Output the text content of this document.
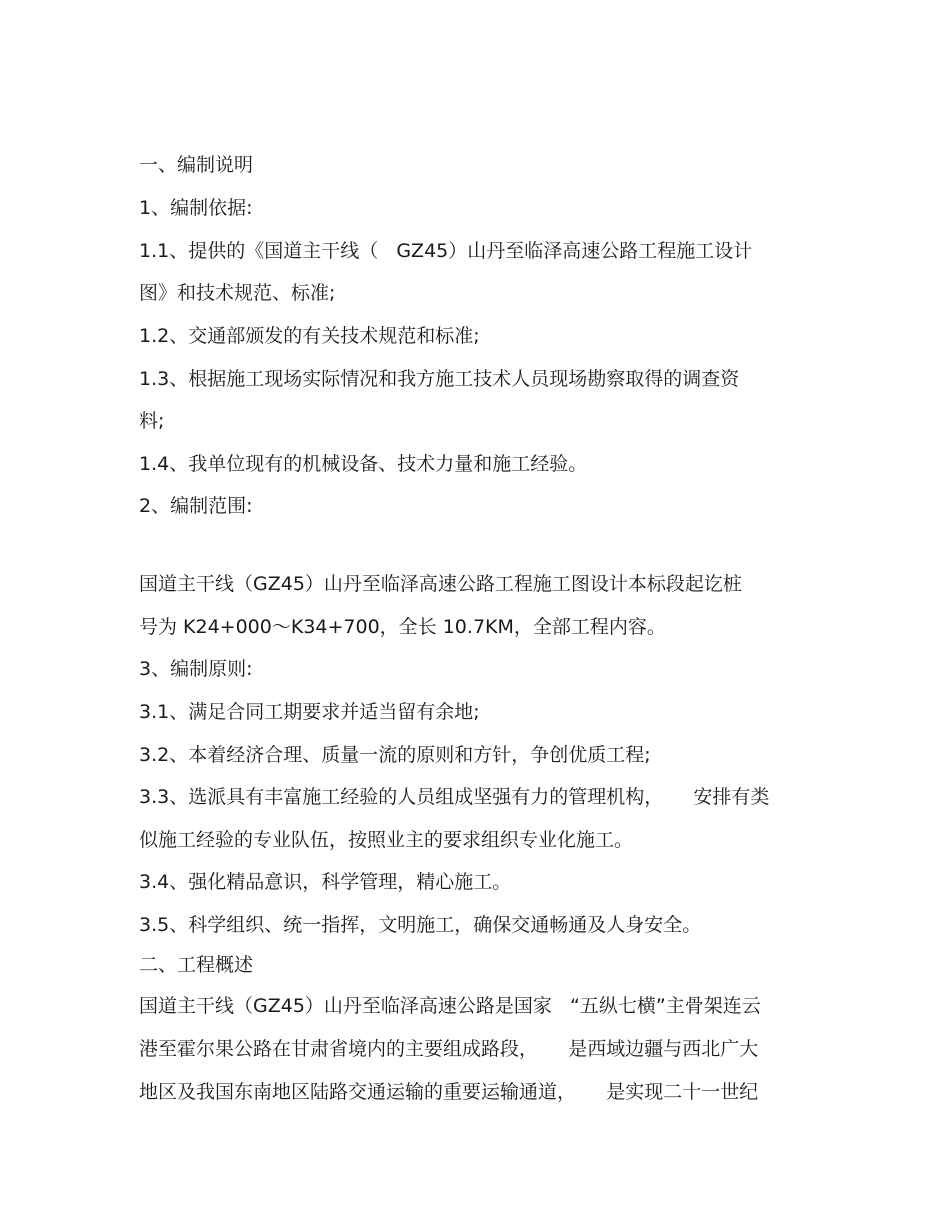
一、编制说明
1、编制依据:
1.1、提供的《国道主干线（   GZ45）山丹至临泽高速公路工程施工设计
图》和技术规范、标准;
1.2、交通部颁发的有关技术规范和标准;
1.3、根据施工现场实际情况和我方施工技术人员现场勘察取得的调查资
料;
1.4、我单位现有的机械设备、技术力量和施工经验。
2、编制范围:
国道主干线（GZ45）山丹至临泽高速公路工程施工图设计本标段起讫桩
号为 K24+000～K34+700，全长 10.7KM，全部工程内容。
3、编制原则:
3.1、满足合同工期要求并适当留有余地;
3.2、本着经济合理、质量一流的原则和方针，争创优质工程;
3.3、选派具有丰富施工经验的人员组成坚强有力的管理机构，     安排有类
似施工经验的专业队伍，按照业主的要求组织专业化施工。
3.4、强化精品意识，科学管理，精心施工。
3.5、科学组织、统一指挥，文明施工，确保交通畅通及人身安全。
二、工程概述
国道主干线（GZ45）山丹至临泽高速公路是国家   “五纵七横”主骨架连云
港至霍尔果公路在甘肃省境内的主要组成路段，     是西域边疆与西北广大
地区及我国东南地区陆路交通运输的重要运输通道，     是实现二十一世纪
